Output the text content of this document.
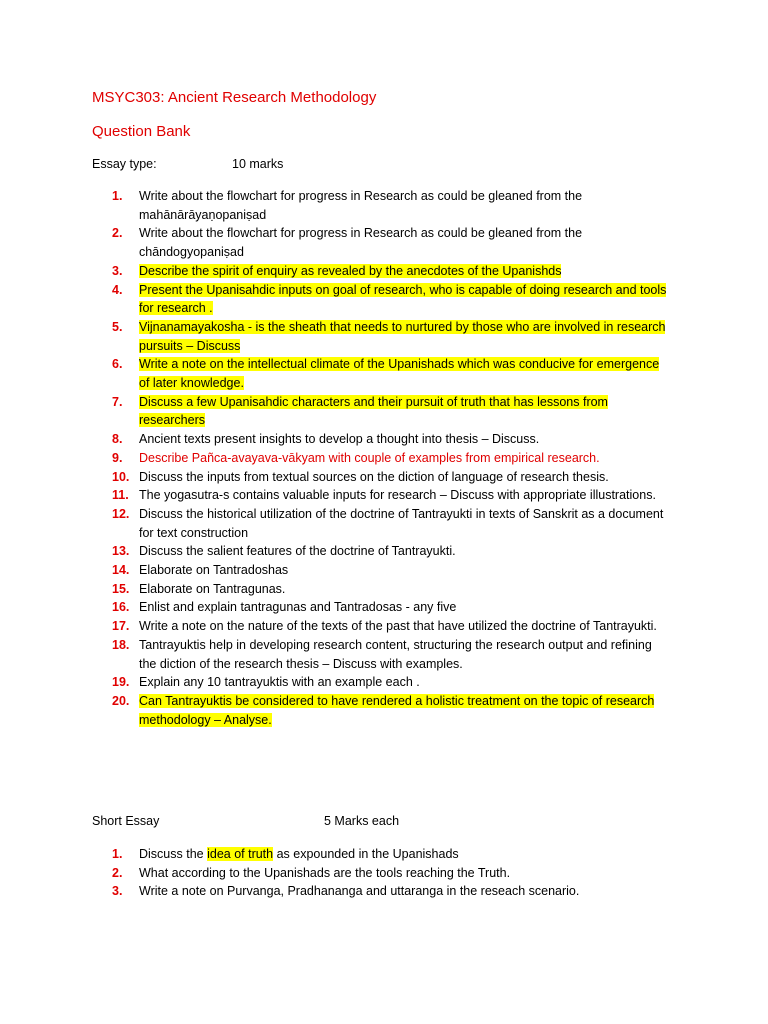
MSYC303: Ancient Research Methodology
Question Bank
Essay type:	10 marks
1. Write about the flowchart for progress in Research as could be gleaned from the mahānārāyaṇopaniṣad
2. Write about the flowchart for progress in Research as could be gleaned from the chāndogyopaniṣad
3. Describe the spirit of enquiry as revealed by the anecdotes of the Upanishds
4. Present the Upanisahdic inputs on goal of research, who is capable of doing research and tools for research .
5. Vijnanamayakosha - is the sheath that needs to nurtured by those who are involved in research pursuits – Discuss
6. Write a note on the intellectual climate of the Upanishads which was conducive for emergence of later knowledge.
7. Discuss a few Upanisahdic characters and their pursuit of truth that has lessons from researchers
8. Ancient texts present insights to develop a thought into thesis – Discuss.
9. Describe Pañca-avayava-vākyam with couple of examples from empirical research.
10. Discuss the inputs from textual sources on the diction of language of research thesis.
11. The yogasutra-s contains valuable inputs for research – Discuss with appropriate illustrations.
12. Discuss the historical utilization of the doctrine of Tantrayukti in texts of Sanskrit as a document for text construction
13. Discuss the salient features of the doctrine of Tantrayukti.
14. Elaborate on Tantradoshas
15. Elaborate on Tantragunas.
16. Enlist and explain tantragunas and Tantradosas - any five
17. Write a note on the nature of the texts of the past that have utilized the doctrine of Tantrayukti.
18. Tantrayuktis help in developing research content, structuring the research output and refining the diction of the research thesis – Discuss with examples.
19. Explain any 10 tantrayuktis with an example each .
20. Can Tantrayuktis be considered to have rendered a holistic treatment on the topic of research methodology – Analyse.
Short Essay	5 Marks each
1. Discuss the idea of truth as expounded in the Upanishads
2. What according to the Upanishads are the tools reaching the Truth.
3. Write a note on Purvanga, Pradhananga and uttaranga in the reseach scenario.
